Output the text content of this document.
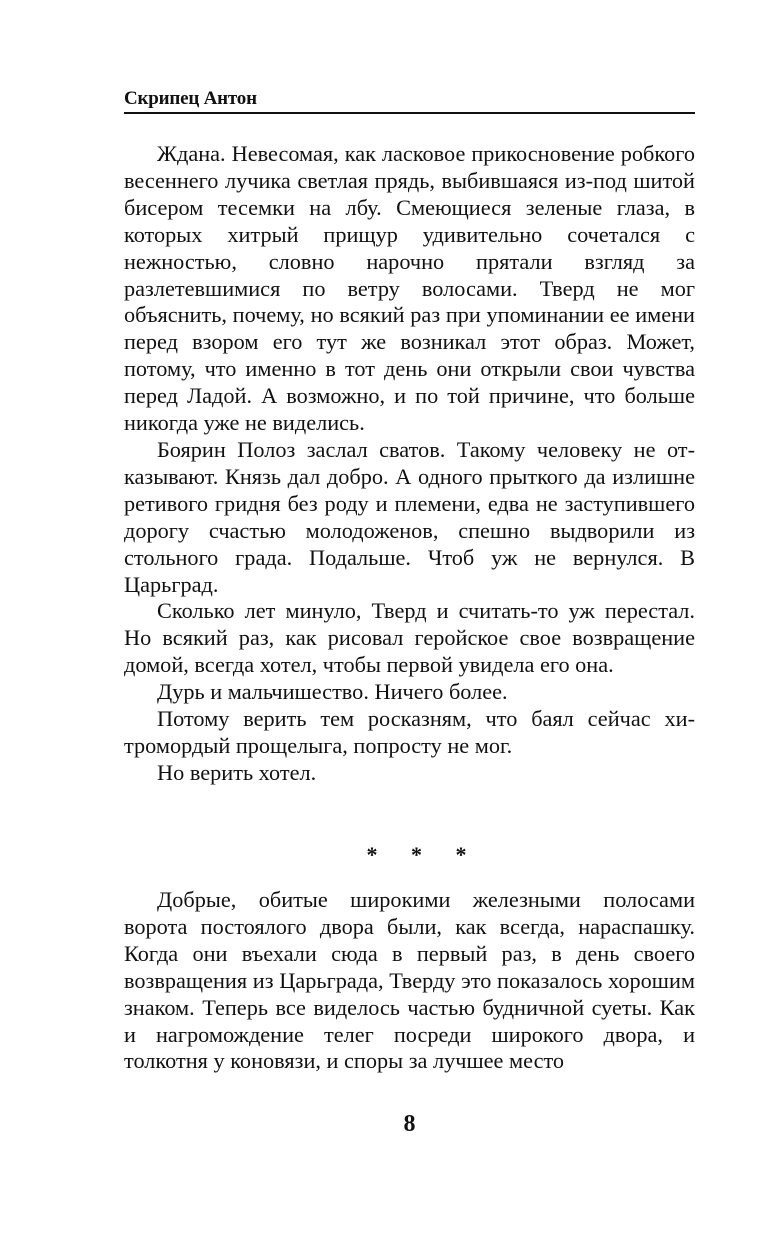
Скрипец Антон

Ждана. Невесомая, как ласковое прикосновение робкого весеннего лучика светлая прядь, выбившаяся из-под шитой бисером тесемки на лбу. Смеющиеся зеленые глаза, в которых хитрый прищур удивительно сочетался с нежностью, словно нарочно прятали взгляд за разлетевшимися по ветру волосами. Тверд не мог объяснить, почему, но всякий раз при упоминании ее имени перед взором его тут же возникал этот образ. Может, потому, что именно в тот день они открыли свои чувства перед Ладой. А возможно, и по той причине, что больше никогда уже не виделись.

Боярин Полоз заслал сватов. Такому человеку не отказывают. Князь дал добро. А одного прыткого да излишне ретивого гридня без роду и племени, едва не заступившего дорогу счастью молодоженов, спешно выдворили из стольного града. Подальше. Чтоб уж не вернулся. В Царьград.

Сколько лет минуло, Тверд и считать-то уж перестал. Но всякий раз, как рисовал геройское свое возвращение домой, всегда хотел, чтобы первой увидела его она.

Дурь и мальчишество. Ничего более.

Потому верить тем росказням, что баял сейчас хитромордый прощелыга, попросту не мог.

Но верить хотел.

* * *

Добрые, обитые широкими железными полосами ворота постоялого двора были, как всегда, нараспашку. Когда они въехали сюда в первый раз, в день своего возвращения из Царьграда, Тверду это показалось хорошим знаком. Теперь все виделось частью будничной суеты. Как и нагромождение телег посреди широкого двора, и толкотня у коновязи, и споры за лучшее место

8
